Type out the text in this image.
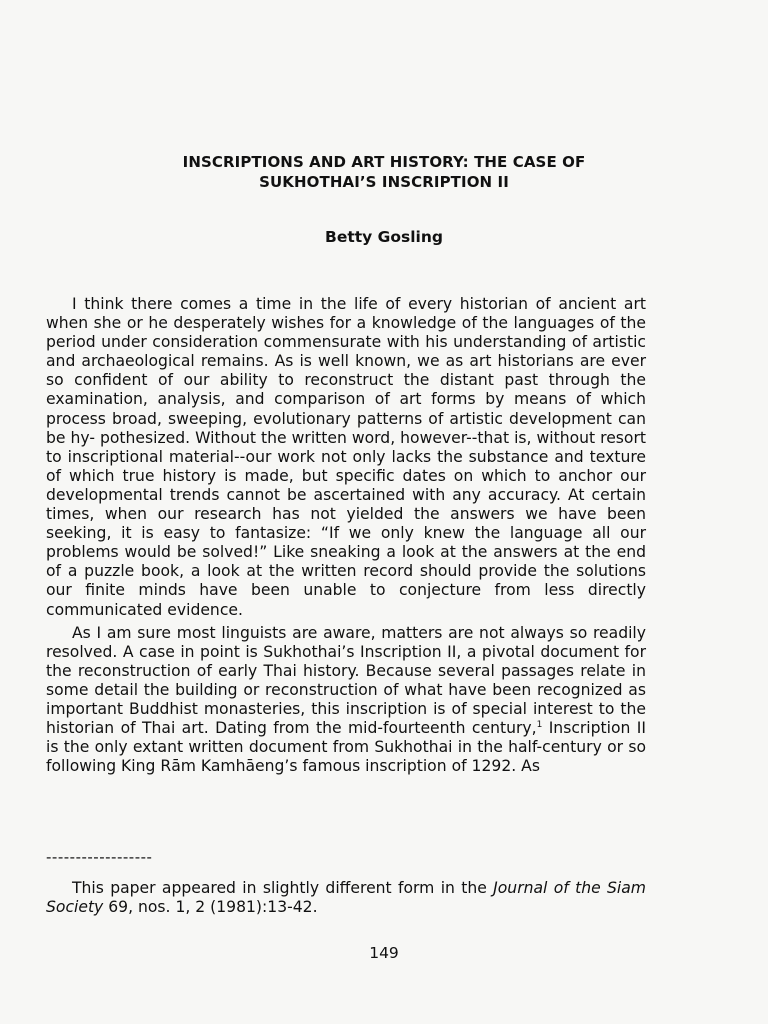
INSCRIPTIONS AND ART HISTORY: THE CASE OF
SUKHOTHAI’S INSCRIPTION II
Betty Gosling

I think there comes a time in the life of every historian of ancient art when she or he desperately wishes for a knowledge of the languages of the period under consideration commensurate with his understanding of artistic and archaeological remains. As is well known, we as art historians are ever so confident of our ability to reconstruct the distant past through the examination, analysis, and comparison of art forms by means of which process broad, sweeping, evolutionary patterns of artistic development can be hy- pothesized. Without the written word, however--that is, without resort to inscriptional material--our work not only lacks the substance and texture of which true history is made, but specific dates on which to anchor our developmental trends cannot be ascertained with any accuracy. At certain times, when our research has not yielded the answers we have been seeking, it is easy to fantasize: “If we only knew the language all our problems would be solved!” Like sneaking a look at the answers at the end of a puzzle book, a look at the written record should provide the solutions our finite minds have been unable to conjecture from less directly communicated evidence.

As I am sure most linguists are aware, matters are not always so readily resolved. A case in point is Sukhothai’s Inscription II, a pivotal document for the reconstruction of early Thai history. Because several passages relate in some detail the building or reconstruction of what have been recognized as important Buddhist monasteries, this inscription is of special interest to the historian of Thai art. Dating from the mid-fourteenth century,$^1$ Inscription II is the only extant written document from Sukhothai in the half-century or so following King Rām Kamhāeng’s famous inscription of 1292. As

------------------
This paper appeared in slightly different form in the Journal of the Siam Society 69, nos. 1, 2 (1981):13-42.
149
